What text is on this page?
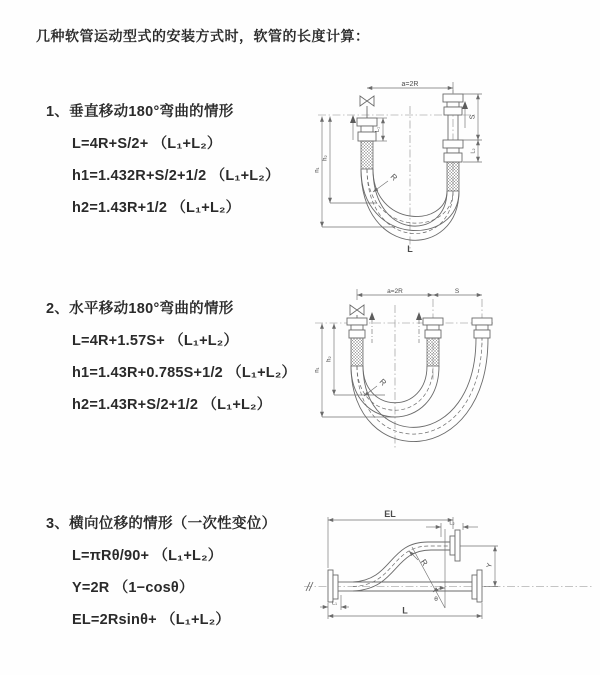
几种软管运动型式的安装方式时，软管的长度计算：
1、垂直移动180°弯曲的情形
L=4R+S/2+ （L₁+L₂）
h1=1.432R+S/2+1/2 （L₁+L₂）
h2=1.43R+1/2 （L₁+L₂）
2、水平移动180°弯曲的情形
L=4R+1.57S+ （L₁+L₂）
h1=1.43R+0.785S+1/2 （L₁+L₂）
h2=1.43R+S/2+1/2 （L₁+L₂）
3、横向位移的情形（一次性变位）
L=πRθ/90+ （L₁+L₂）
Y=2R （1−cosθ）
EL=2Rsinθ+ （L₁+L₂）
a=2R
L₁
S
L₂
h₂
h₁
R
L
a=2R	S
h₂
h₁
R
EL
L₂
θ
Y
R
L₁
L
